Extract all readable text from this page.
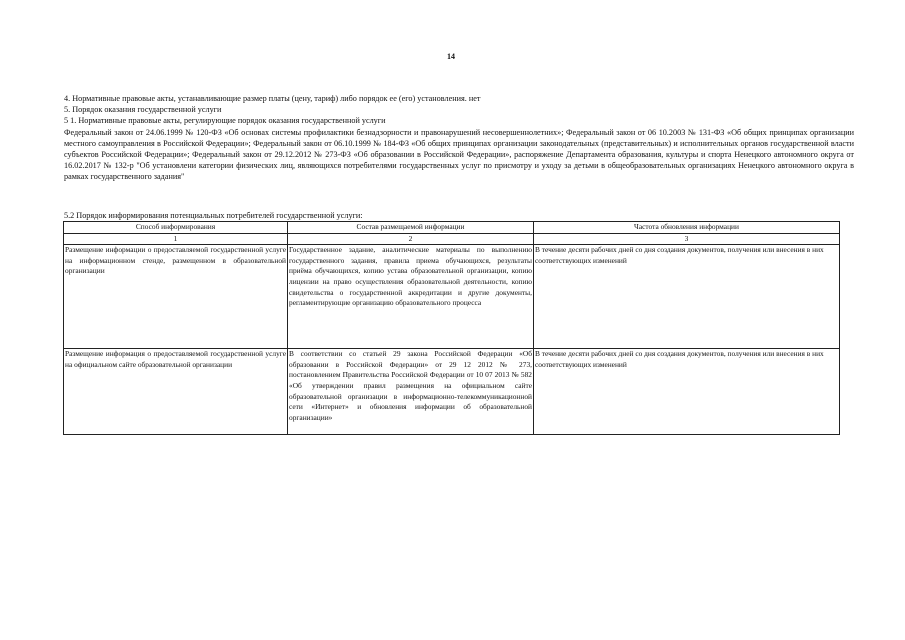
14

4. Нормативные правовые акты, устанавливающие размер платы (цену, тариф) либо порядок ее (его) установления. нет

5. Порядок оказания государственной услуги

5 1. Нормативные правовые акты, регулирующие порядок оказания государственной услуги

Федеральный закон от 24.06.1999 № 120-ФЗ «Об основах системы профилактики безнадзорности и правонарушений несовершеннолетних»; Федеральный закон от 06 10.2003 № 131-ФЗ «Об общих принципах организации местного самоуправления в Российской Федерации»; Федеральный закон от 06.10.1999 № 184-ФЗ «Об общих принципах организации законодательных (представительных) и исполнительных органов государственной власти субъектов Российской Федерации»; Федеральный закон от 29.12.2012 № 273-ФЗ «Об образовании в Российской Федерации», распоряжение Департамента образования, культуры и спорта Ненецкого автономного округа от 16.02.2017 № 132-р "Об установлени категории физических лиц, являющихся потребителями государственных услуг по присмотру и уходу за детьми в общеобразовательных организациях Ненецкого автономного округа в рамках государственного задания"

5.2 Порядок информирования потенциальных потребителей государственной услуги:
Способ информирования	Состав размещаемой информации	Частота обновления информации
1	2	3
Размещение информации о предоставляемой государственной услуге на информационном стенде, размещенном в образовательной организации	Государственное задание, аналитические материалы по выполнению государственного задания, правила приема обучающихся, результаты приёма обучающихся, копию устава образовательной организации, копию лицензии на право осуществления образовательной деятельности, копию свидетельства о государственной аккредитации и другие документы, регламентирующие организацию образовательного процесса	В течение десяти рабочих дней со дня создания документов, получения или внесения в них соответствующих изменений
Размещение информация о предоставляемой государственной услуге на официальном сайте образовательной организации	В соответствии со статьей 29 закона Российской Федерации «Об образовании в Российской Федерации» от 29 12 2012 № 273, постановлением Правительства Российской Федерации от 10 07 2013 № 582 «Об утверждении правил размещения на официальном сайте образовательной организации в информационно-телекоммуникационной сети «Интернет» и обновления информации об образовательной организации»	В течение десяти рабочих дней со дня создания документов, получения или внесения в них соответствующих изменений
